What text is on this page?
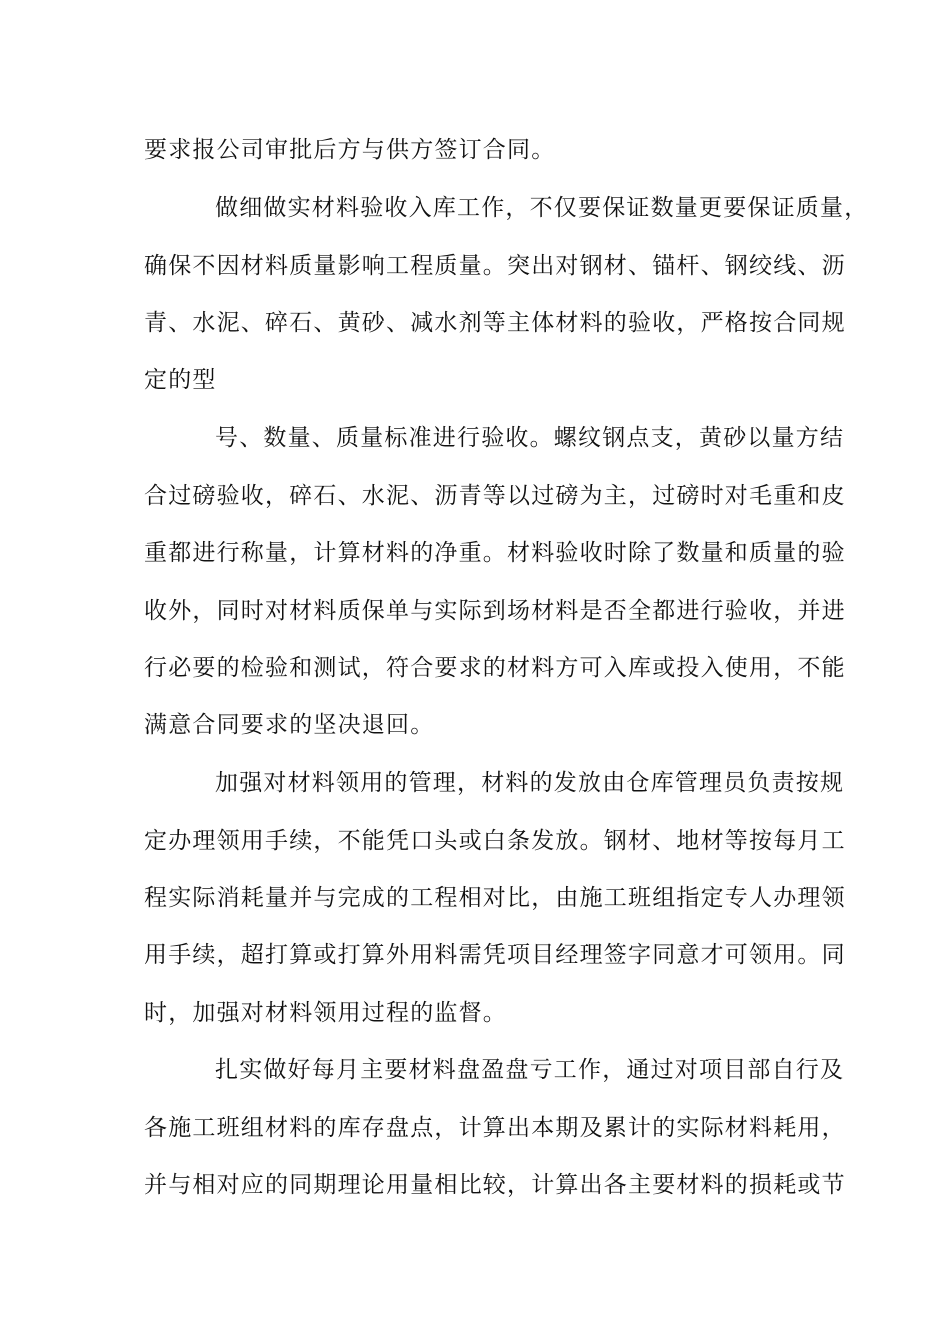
要求报公司审批后方与供方签订合同。
做细做实材料验收入库工作，不仅要保证数量更要保证质量，
确保不因材料质量影响工程质量。突出对钢材、锚杆、钢绞线、沥
青、水泥、碎石、黄砂、减水剂等主体材料的验收，严格按合同规
定的型
号、数量、质量标准进行验收。螺纹钢点支，黄砂以量方结
合过磅验收，碎石、水泥、沥青等以过磅为主，过磅时对毛重和皮
重都进行称量，计算材料的净重。材料验收时除了数量和质量的验
收外，同时对材料质保单与实际到场材料是否全都进行验收，并进
行必要的检验和测试，符合要求的材料方可入库或投入使用，不能
满意合同要求的坚决退回。
加强对材料领用的管理，材料的发放由仓库管理员负责按规
定办理领用手续，不能凭口头或白条发放。钢材、地材等按每月工
程实际消耗量并与完成的工程相对比，由施工班组指定专人办理领
用手续，超打算或打算外用料需凭项目经理签字同意才可领用。同
时，加强对材料领用过程的监督。
扎实做好每月主要材料盘盈盘亏工作，通过对项目部自行及
各施工班组材料的库存盘点，计算出本期及累计的实际材料耗用，
并与相对应的同期理论用量相比较，计算出各主要材料的损耗或节
